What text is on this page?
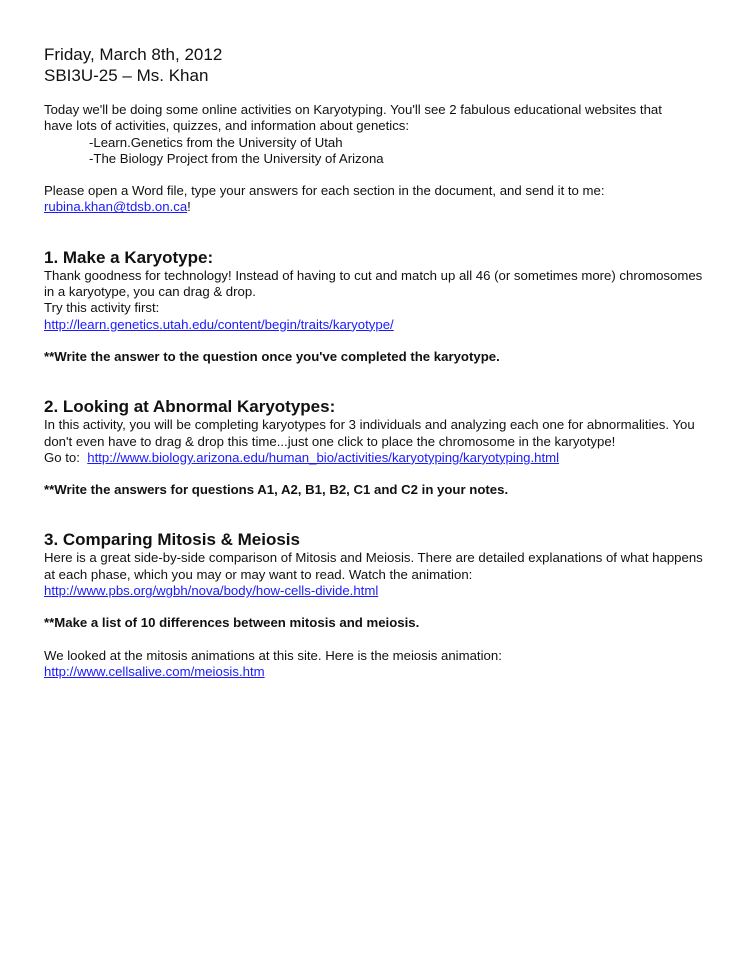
Friday, March 8th, 2012
SBI3U-25 – Ms. Khan

Today we'll be doing some online activities on Karyotyping. You'll see 2 fabulous educational websites that have lots of activities, quizzes, and information about genetics:

-Learn.Genetics from the University of Utah
-The Biology Project from the University of Arizona

Please open a Word file, type your answers for each section in the document, and send it to me:

rubina.khan@tdsb.on.ca!
1. Make a Karyotype:

Thank goodness for technology! Instead of having to cut and match up all 46 (or sometimes more) chromosomes in a karyotype, you can drag & drop.

Try this activity first:
http://learn.genetics.utah.edu/content/begin/traits/karyotype/
**Write the answer to the question once you've completed the karyotype.
2. Looking at Abnormal Karyotypes:

In this activity, you will be completing karyotypes for 3 individuals and analyzing each one for abnormalities. You don't even have to drag & drop this time...just one click to place the chromosome in the karyotype!

Go to:  http://www.biology.arizona.edu/human_bio/activities/karyotyping/karyotyping.html
**Write the answers for questions A1, A2, B1, B2, C1 and C2 in your notes.
3. Comparing Mitosis & Meiosis

Here is a great side-by-side comparison of Mitosis and Meiosis. There are detailed explanations of what happens at each phase, which you may or may want to read. Watch the animation:

http://www.pbs.org/wgbh/nova/body/how-cells-divide.html
**Make a list of 10 differences between mitosis and meiosis.
We looked at the mitosis animations at this site. Here is the meiosis animation:
http://www.cellsalive.com/meiosis.htm
